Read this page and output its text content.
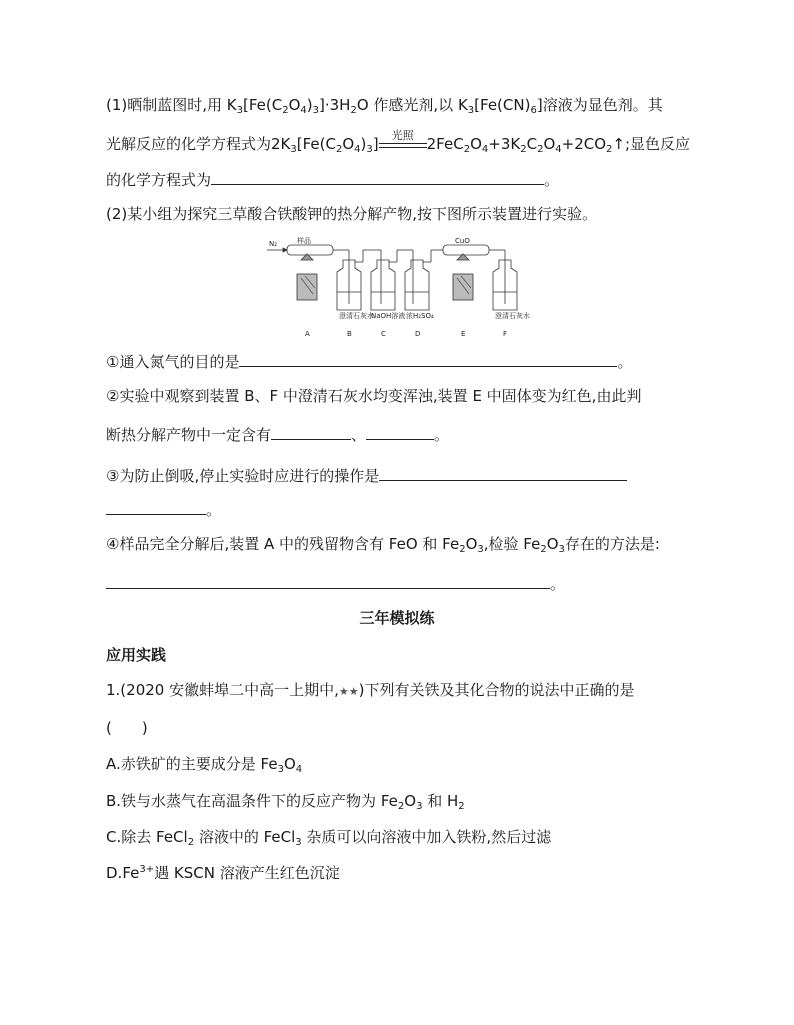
(1)晒制蓝图时,用 $K_3[Fe(C_2O_4)_3]\cdot 3H_2O$ 作感光剂,以 $K_3[Fe(CN)_6]$溶液为显色剂。其
光解反应的化学方程式为$2K_3[Fe(C_2O_4)_3]$	光照 $2FeC_2O_4+3K_2C_2O_4+2CO_2↑$;显色反应
的化学方程式为	。
(2)某小组为探究三草酸合铁酸钾的热分解产物,按下图所示装置进行实验。
N₂	样品	CuO
澄清石灰水
NaOH溶液 浓H₂SO₄	澄清石灰水
A	B	C	D	E	F
①通入氮气的目的是	。
②实验中观察到装置 B、F 中澄清石灰水均变浑浊,装置 E 中固体变为红色,由此判
断热分解产物中一定含有	、	。
③为防止倒吸,停止实验时应进行的操作是
。
④样品完全分解后,装置 A 中的残留物含有 FeO 和 $Fe_2O_3$,检验 $Fe_2O_3$存在的方法是:
。
三年模拟练
应用实践
1.(2020 安徽蚌埠二中高一上期中,★★)下列有关铁及其化合物的说法中正确的是
(　　)
A.赤铁矿的主要成分是 $Fe_3O_4$
B.铁与水蒸气在高温条件下的反应产物为 $Fe_2O_3$ 和 $H_2$
C.除去 FeCl$_2$ 溶液中的 FeCl$_3$ 杂质可以向溶液中加入铁粉,然后过滤
$D.Fe^{3+}$遇 KSCN 溶液产生红色沉淀
